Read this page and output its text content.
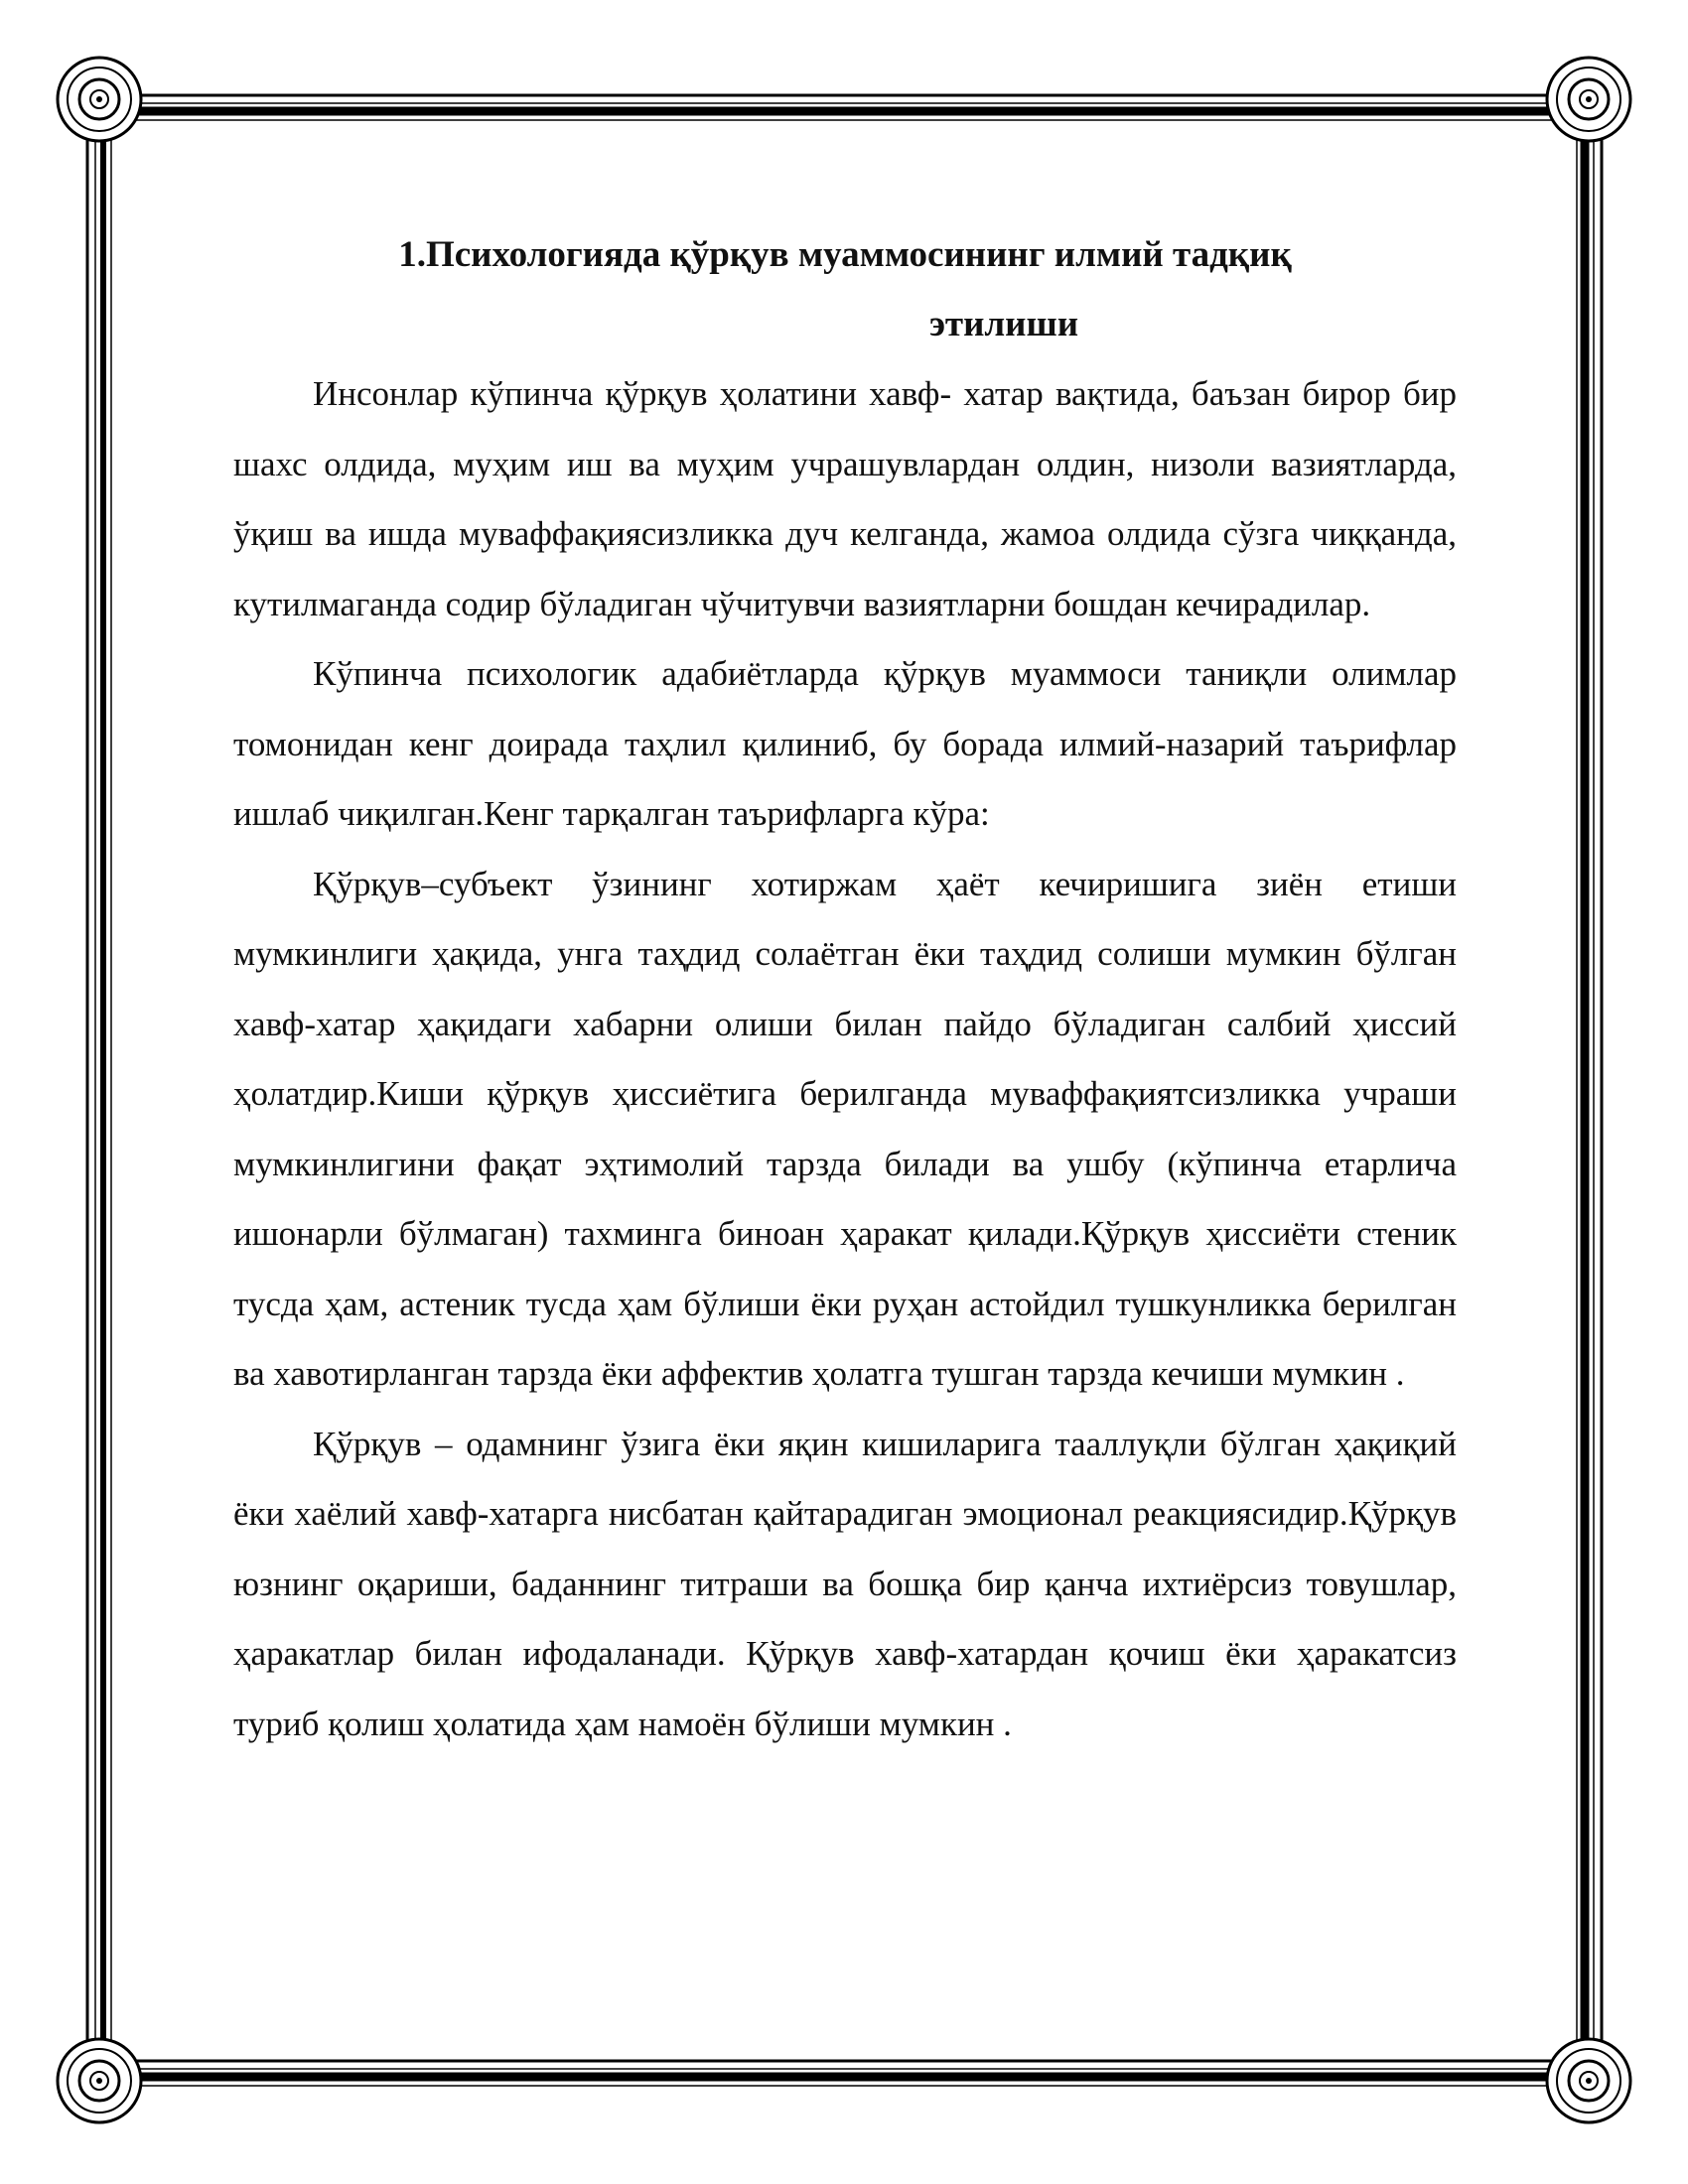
1.Психологияда қўрқув муаммосининг илмий тадқиқ
этилиши

Инсонлар кўпинча қўрқув ҳолатини хавф- хатар вақтида, баъзан бирор бир шахс олдида, муҳим иш ва муҳим учрашувлардан олдин, низоли вазиятларда, ўқиш ва ишда муваффақиясизликка дуч келганда, жамоа олдида сўзга чиққанда, кутилмаганда содир бўладиган чўчитувчи вазиятларни бошдан кечирадилар.

Кўпинча психологик адабиётларда қўрқув муаммоси таниқли олимлар томонидан кенг доирада таҳлил қилиниб, бу борада илмий-назарий таърифлар ишлаб чиқилган.Кенг тарқалган таърифларга кўра:

Қўрқув–субъект ўзининг хотиржам ҳаёт кечиришига зиён етиши мумкинлиги ҳақида, унга таҳдид солаётган ёки таҳдид солиши мумкин бўлган хавф-хатар ҳақидаги хабарни олиши билан пайдо бўладиган салбий ҳиссий ҳолатдир.Киши қўрқув ҳиссиётига берилганда муваффақиятсизликка учраши мумкинлигини фақат эҳтимолий тарзда билади ва ушбу (кўпинча етарлича ишонарли бўлмаган) тахминга биноан ҳаракат қилади.Қўрқув ҳиссиёти стеник тусда ҳам, астеник тусда ҳам бўлиши ёки руҳан астойдил тушкунликка берилган ва хавотирланган тарзда ёки аффектив ҳолатга тушган тарзда кечиши мумкин .

Қўрқув – одамнинг ўзига ёки яқин кишиларига тааллуқли бўлган ҳақиқий ёки хаёлий хавф-хатарга нисбатан қайтарадиган эмоционал реакциясидир.Қўрқув юзнинг оқариши, баданнинг титраши ва бошқа бир қанча ихтиёрсиз товушлар, ҳаракатлар билан ифодаланади. Қўрқув хавф-хатардан қочиш ёки ҳаракатсиз туриб қолиш ҳолатида ҳам намоён бўлиши мумкин .
